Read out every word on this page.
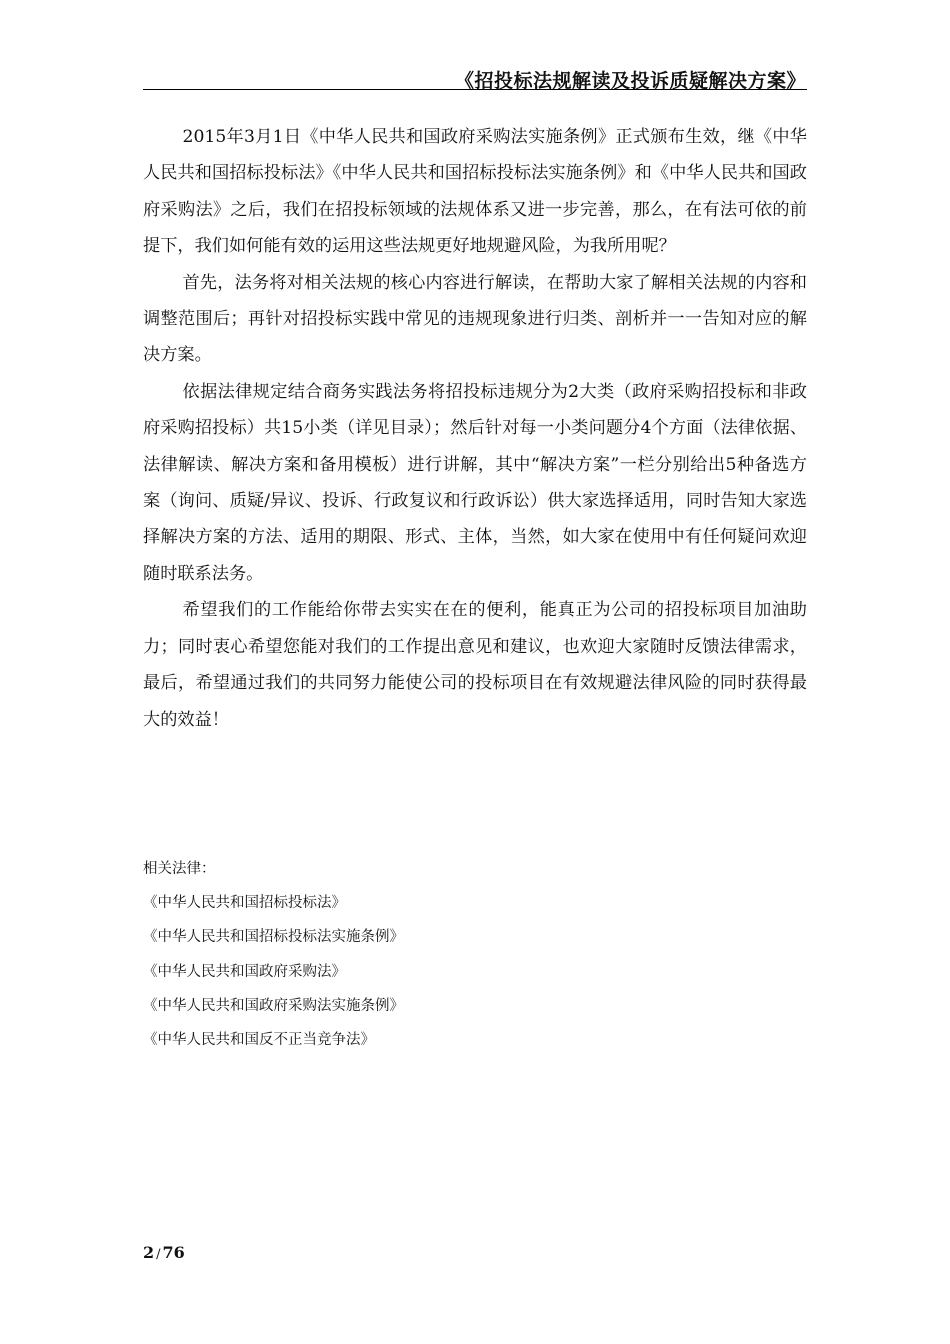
《招投标法规解读及投诉质疑解决方案》

2015年3月1日《中华人民共和国政府采购法实施条例》正式颁布生效，继《中华人民共和国招标投标法》《中华人民共和国招标投标法实施条例》和《中华人民共和国政府采购法》之后，我们在招投标领域的法规体系又进一步完善，那么，在有法可依的前提下，我们如何能有效的运用这些法规更好地规避风险，为我所用呢？

首先，法务将对相关法规的核心内容进行解读，在帮助大家了解相关法规的内容和调整范围后；再针对招投标实践中常见的违规现象进行归类、剖析并一一告知对应的解决方案。

依据法律规定结合商务实践法务将招投标违规分为2大类（政府采购招投标和非政府采购招投标）共15小类（详见目录）；然后针对每一小类问题分4个方面（法律依据、法律解读、解决方案和备用模板）进行讲解，其中“解决方案”一栏分别给出5种备选方案（询问、质疑/异议、投诉、行政复议和行政诉讼）供大家选择适用，同时告知大家选择解决方案的方法、适用的期限、形式、主体，当然，如大家在使用中有任何疑问欢迎随时联系法务。

希望我们的工作能给你带去实实在在的便利，能真正为公司的招投标项目加油助力；同时衷心希望您能对我们的工作提出意见和建议，也欢迎大家随时反馈法律需求，最后，希望通过我们的共同努力能使公司的投标项目在有效规避法律风险的同时获得最大的效益！

相关法律：
《中华人民共和国招标投标法》
《中华人民共和国招标投标法实施条例》
《中华人民共和国政府采购法》
《中华人民共和国政府采购法实施条例》
《中华人民共和国反不正当竞争法》
2 / 76
